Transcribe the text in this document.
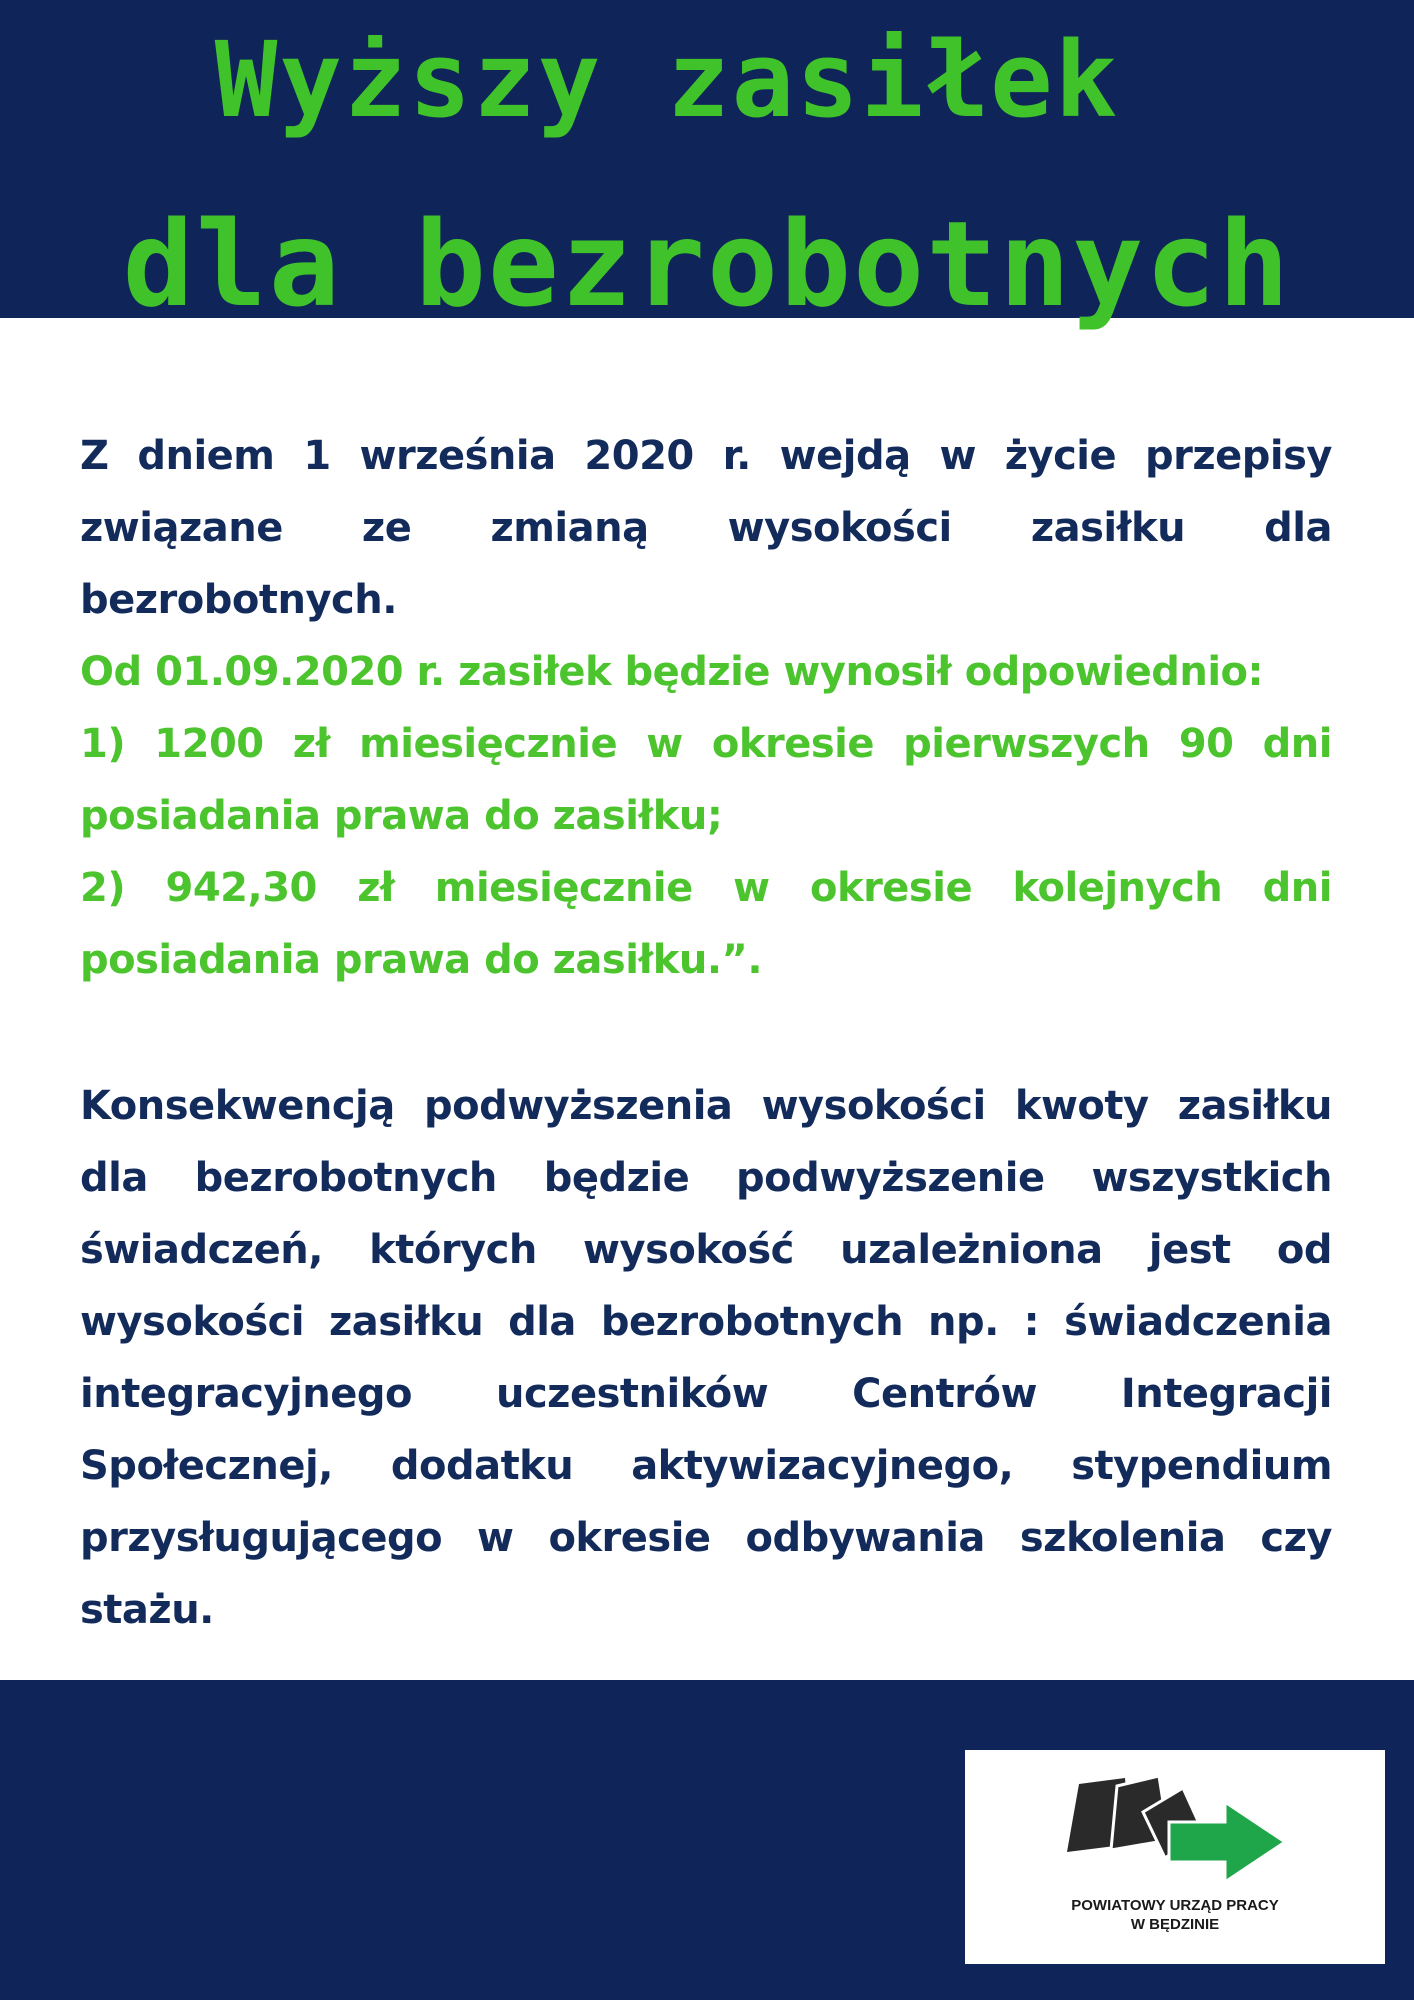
Wyższy zasiłek
dla bezrobotnych
Z dniem 1 września 2020 r. wejdą w życie przepisy związane ze zmianą wysokości zasiłku dla bezrobotnych.

Od 01.09.2020 r. zasiłek będzie wynosił odpowiednio:

1) 1200 zł miesięcznie w okresie pierwszych 90 dni posiadania prawa do zasiłku;

2) 942,30 zł miesięcznie w okresie kolejnych dni posiadania prawa do zasiłku.”.

Konsekwencją podwyższenia wysokości kwoty zasiłku dla bezrobotnych będzie podwyższenie wszystkich świadczeń, których wysokość uzależniona jest od wysokości zasiłku dla bezrobotnych np. : świadczenia integracyjnego uczestników Centrów Integracji Społecznej, dodatku aktywizacyjnego, stypendium przysługującego w okresie odbywania szkolenia czy stażu.
POWIATOWY URZĄD PRACY
W BĘDZINIE
